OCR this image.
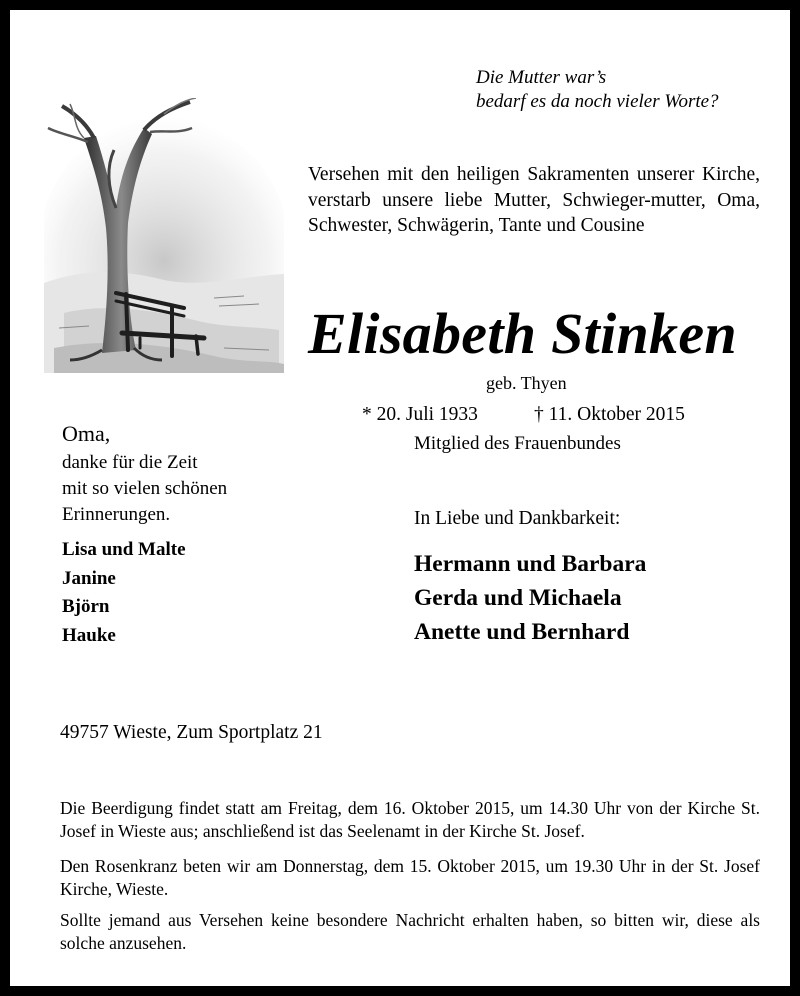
Die Mutter war’s
bedarf es da noch vieler Worte?
Versehen mit den heiligen Sakramenten unserer Kirche, verstarb unsere liebe Mutter, Schwieger-mutter, Oma, Schwester, Schwägerin, Tante und Cousine
Elisabeth Stinken
geb. Thyen
* 20. Juli 1933	† 11. Oktober 2015
Mitglied des Frauenbundes
Oma,
danke für die Zeit
mit so vielen schönen
Erinnerungen.
Lisa und Malte
Janine
Björn
Hauke
In Liebe und Dankbarkeit:
Hermann und Barbara
Gerda und Michaela
Anette und Bernhard
49757 Wieste, Zum Sportplatz 21
Die Beerdigung findet statt am Freitag, dem 16. Oktober 2015, um 14.30 Uhr von der Kirche St. Josef in Wieste aus; anschließend ist das Seelenamt in der Kirche St. Josef.
Den Rosenkranz beten wir am Donnerstag, dem 15. Oktober 2015, um 19.30 Uhr in der St. Josef Kirche, Wieste.
Sollte jemand aus Versehen keine besondere Nachricht erhalten haben, so bitten wir, diese als solche anzusehen.
